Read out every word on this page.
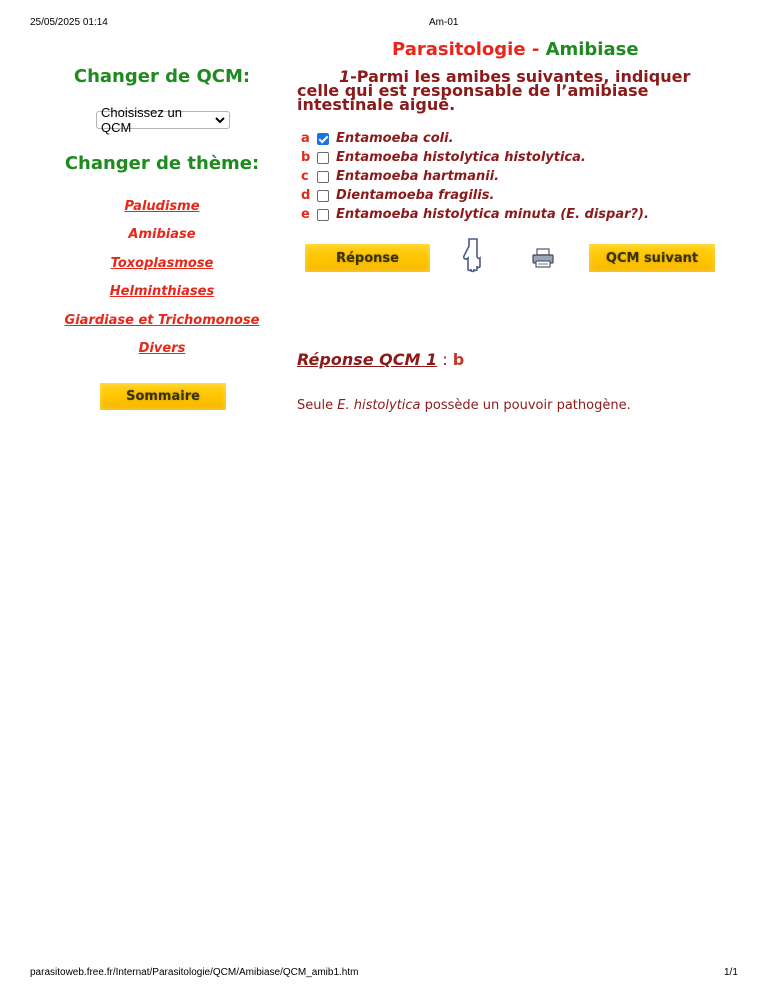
25/05/2025 01:14	Am-01
Parasitologie - Amibiase
Changer de QCM:
Choisissez un QCM
Changer de thème:
Paludisme
Amibiase
Toxoplasmose
Helminthiases
Giardiase et Trichomonose
Divers
Sommaire
1-Parmi les amibes suivantes, indiquer celle qui est responsable de l’amibiase intestinale aiguë.
a	Entamoeba coli.
b	Entamoeba histolytica histolytica.
c	Entamoeba hartmanii.
d	Dientamoeba fragilis.
e	Entamoeba histolytica minuta (E. dispar?).
Réponse	QCM suivant
Réponse QCM 1 : b
Seule E. histolytica possède un pouvoir pathogène.
parasitoweb.free.fr/Internat/Parasitologie/QCM/Amibiase/QCM_amib1.htm	1/1
